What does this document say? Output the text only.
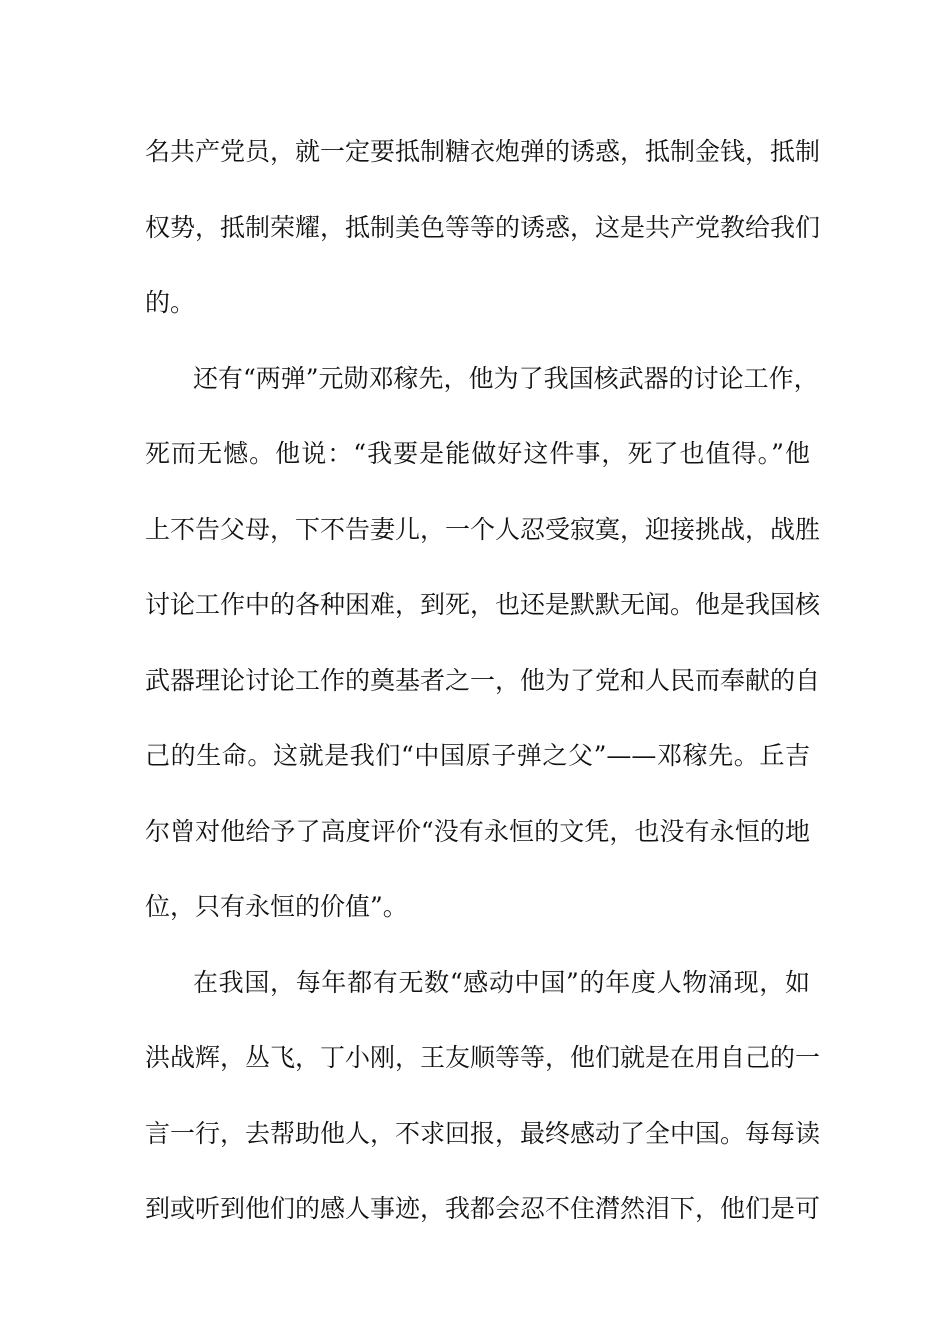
名共产党员，就一定要抵制糖衣炮弹的诱惑，抵制金钱，抵制
权势，抵制荣耀，抵制美色等等的诱惑，这是共产党教给我们
的。
还有“两弹”元勋邓稼先，他为了我国核武器的讨论工作，
死而无憾。他说：“我要是能做好这件事，死了也值得。”他
上不告父母，下不告妻儿，一个人忍受寂寞，迎接挑战，战胜
讨论工作中的各种困难，到死，也还是默默无闻。他是我国核
武器理论讨论工作的奠基者之一，他为了党和人民而奉献的自
己的生命。这就是我们“中国原子弹之父”——邓稼先。丘吉
尔曾对他给予了高度评价“没有永恒的文凭，也没有永恒的地
位，只有永恒的价值”。
在我国，每年都有无数“感动中国”的年度人物涌现，如
洪战辉，丛飞，丁小刚，王友顺等等，他们就是在用自己的一
言一行，去帮助他人，不求回报，最终感动了全中国。每每读
到或听到他们的感人事迹，我都会忍不住潸然泪下，他们是可
